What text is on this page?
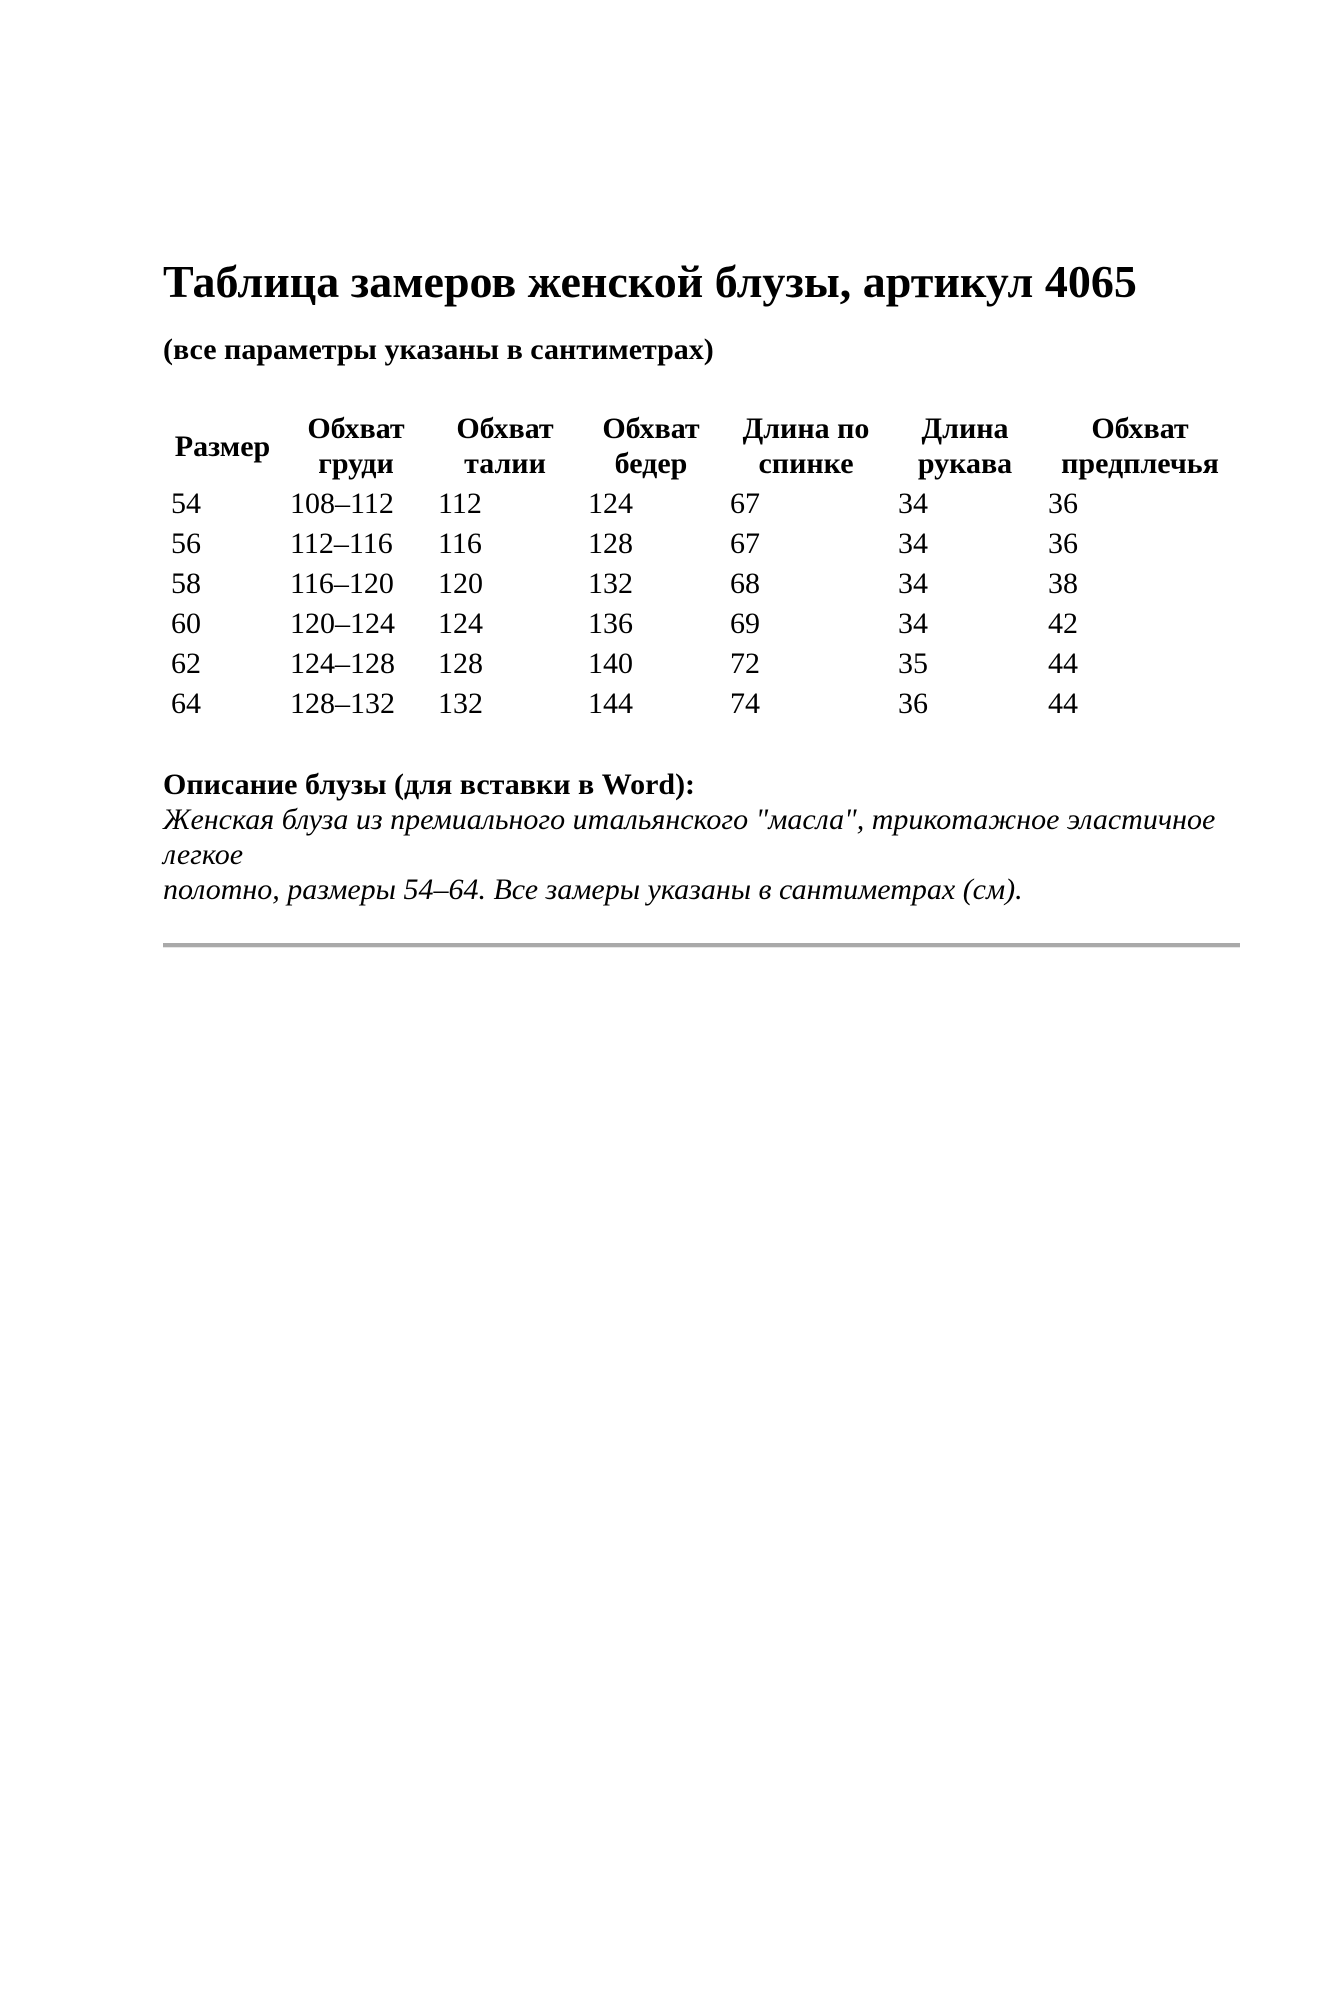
Таблица замеров женской блузы, артикул 4065
(все параметры указаны в сантиметрах)
Размер	Обхват груди	Обхват талии	Обхват бедер	Длина по спинке	Длина рукава	Обхват предплечья
54	108–112	112	124	67	34	36
56	112–116	116	128	67	34	36
58	116–120	120	132	68	34	38
60	120–124	124	136	69	34	42
62	124–128	128	140	72	35	44
64	128–132	132	144	74	36	44
Описание блузы (для вставки в Word):
Женская блуза из премиального итальянского "масла", трикотажное эластичное легкое
полотно, размеры 54–64. Все замеры указаны в сантиметрах (см).
